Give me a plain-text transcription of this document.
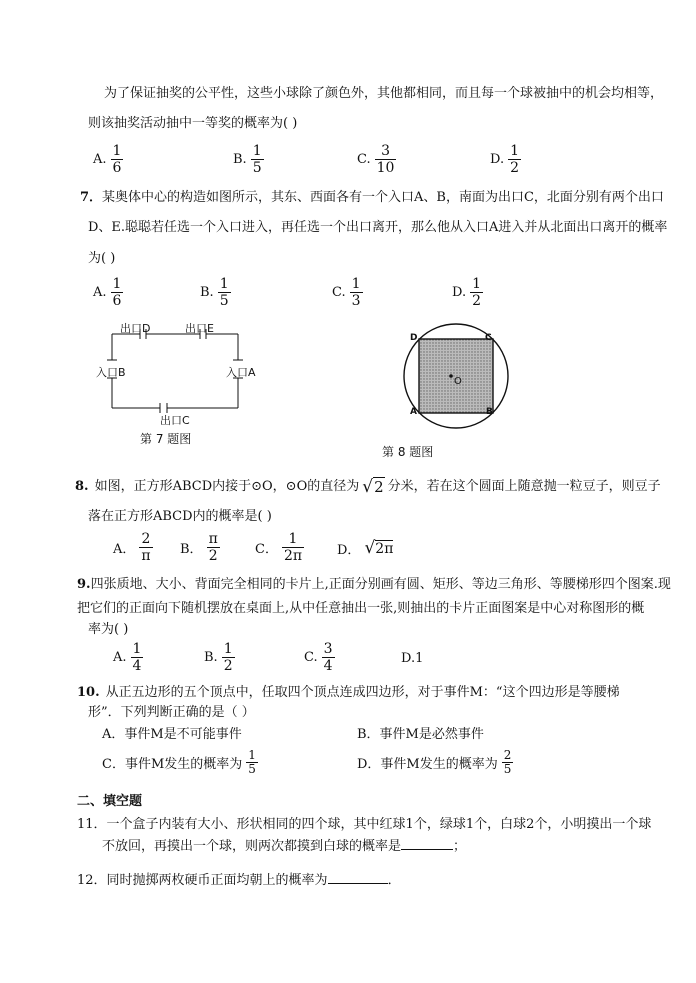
为了保证抽奖的公平性，这些小球除了颜色外，其他都相同，而且每一个球被抽中的机会均相等，
则该抽奖活动抽中一等奖的概率为( )
A. $\frac{1}{6}$	B. $\frac{1}{5}$	C. $\frac{3}{10}$	D. $\frac{1}{2}$
7．某奥体中心的构造如图所示，其东、西面各有一个入口A、B，南面为出口C，北面分别有两个出口
D、E.聪聪若任选一个入口进入，再任选一个出口离开，那么他从入口A进入并从北面出口离开的概率
为( )
A. $\frac{1}{6}$	B. $\frac{1}{5}$	C. $\frac{1}{3}$	D. $\frac{1}{2}$
出口D	出口E
入口B	入口A
出口C
第 7 题图
D	C
A	B
O
第 8 题图
8. 如图，正方形ABCD内接于⊙O，⊙O的直径为 √ 2 分米，若在这个圆面上随意抛一粒豆子，则豆子
落在正方形ABCD内的概率是( )
A． $\frac{2}{\pi}$ B． $\frac{\pi}{2}$	C． $\frac{1}{2\pi}$	D． √ 2π
9.四张质地、大小、背面完全相同的卡片上,正面分别画有圆、矩形、等边三角形、等腰梯形四个图案.现
把它们的正面向下随机摆放在桌面上,从中任意抽出一张,则抽出的卡片正面图案是中心对称图形的概
率为( )
A. $\frac{1}{4}$	B. $\frac{1}{2}$	C. $\frac{3}{4}$	D. 1
10. 从正五边形的五个顶点中，任取四个顶点连成四边形，对于事件M：“这个四边形是等腰梯
形”．下列判断正确的是（ ）
A．事件M是不可能事件	B．事件M是必然事件
C．事件M发生的概率为 $\frac{1}{5}$	D．事件M发生的概率为 $\frac{2}{5}$
二、填空题
11．一个盒子内装有大小、形状相同的四个球，其中红球1个，绿球1个，白球2个，小明摸出一个球
不放回，再摸出一个球，则两次都摸到白球的概率是	；
12．同时抛掷两枚硬币正面均朝上的概率为	．
